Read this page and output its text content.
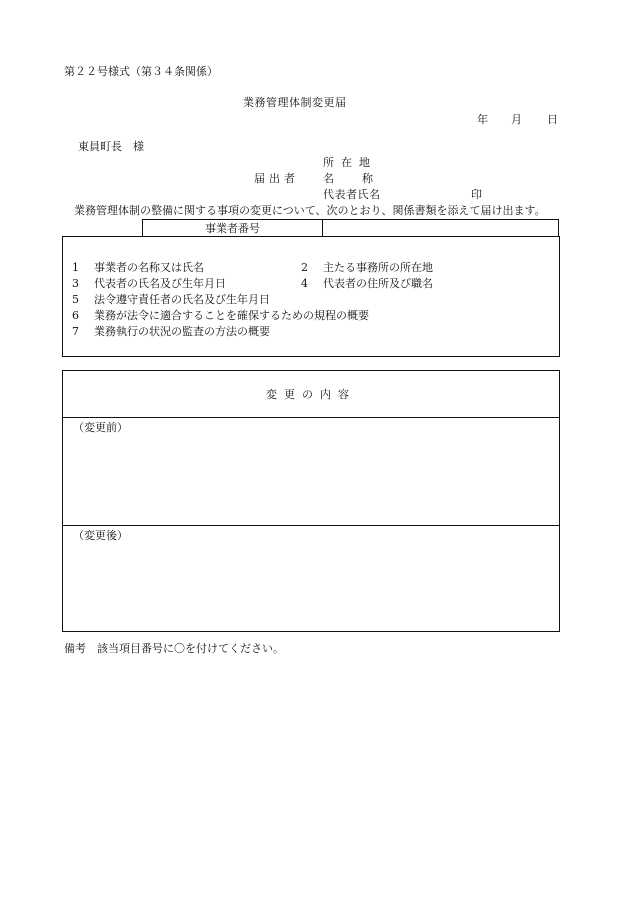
第２２号様式（第３４条関係）
業務管理体制変更届
年 月 日
東員町長　様
所在地
届出者 名	称
代表者氏名	印
業務管理体制の整備に関する事項の変更について、次のとおり、関係書類を添えて届け出ます。
事業者番号
1 事業者の名称又は氏名	2 主たる事務所の所在地
3 代表者の氏名及び生年月日	4 代表者の住所及び職名
5 法令遵守責任者の氏名及び生年月日
6 業務が法令に適合することを確保するための規程の概要
7 業務執行の状況の監査の方法の概要
変更の内容
（変更前）
（変更後）
備考　該当項目番号に〇を付けてください。
